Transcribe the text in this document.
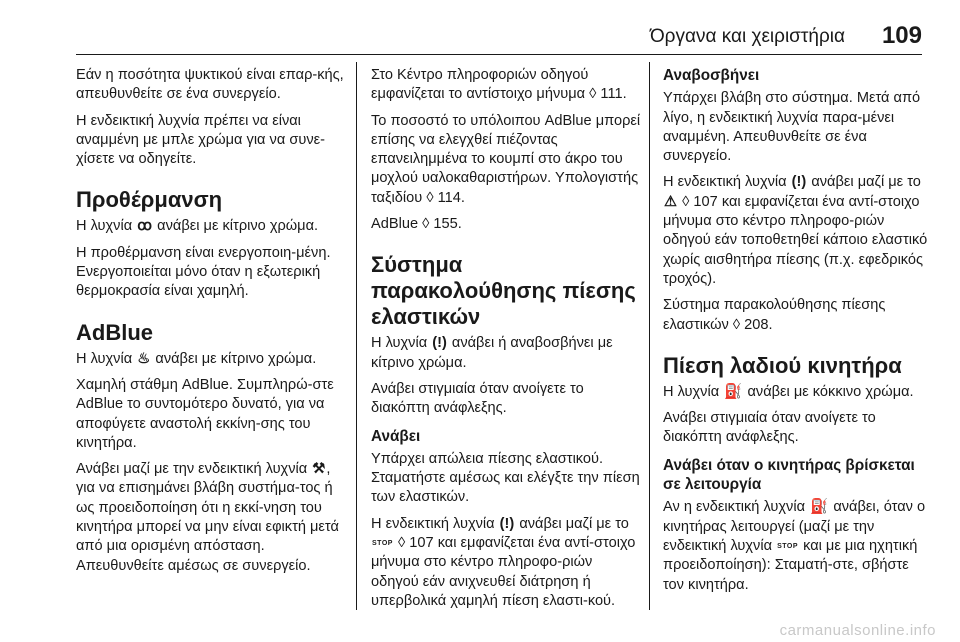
Όργανα και χειριστήρια 109

Εάν η ποσότητα ψυκτικού είναι επαρ-κής, απευθυνθείτε σε ένα συνεργείο.

Η ενδεικτική λυχνία πρέπει να είναι αναμμένη με μπλε χρώμα για να συνε-χίσετε να οδηγείτε.

Προθέρμανση

Η λυχνία ꝏ ανάβει με κίτρινο χρώμα.

Η προθέρμανση είναι ενεργοποιη-μένη. Ενεργοποιείται μόνο όταν η εξωτερική θερμοκρασία είναι χαμηλή.

AdBlue

Η λυχνία ♨ ανάβει με κίτρινο χρώμα.

Χαμηλή στάθμη AdBlue. Συμπληρώ-στε AdBlue το συντομότερο δυνατό, για να αποφύγετε αναστολή εκκίνη-σης του κινητήρα.

Ανάβει μαζί με την ενδεικτική λυχνία ⚒, για να επισημάνει βλάβη συστήμα-τος ή ως προειδοποίηση ότι η εκκί-νηση του κινητήρα μπορεί να μην είναι εφικτή μετά από μια ορισμένη απόσταση. Απευθυνθείτε αμέσως σε συνεργείο.

Στο Κέντρο πληροφοριών οδηγού εμφανίζεται το αντίστοιχο μήνυμα ◊ 111.

Το ποσοστό το υπόλοιπου AdBlue μπορεί επίσης να ελεγχθεί πιέζοντας επανειλημμένα το κουμπί στο άκρο του μοχλού υαλοκαθαριστήρων. Υπολογιστής ταξιδίου ◊ 114.

AdBlue ◊ 155.

Σύστημα παρακολούθησης πίεσης ελαστικών

Η λυχνία (!) ανάβει ή αναβοσβήνει με κίτρινο χρώμα.

Ανάβει στιγμιαία όταν ανοίγετε το διακόπτη ανάφλεξης.

Ανάβει

Υπάρχει απώλεια πίεσης ελαστικού. Σταματήστε αμέσως και ελέγξτε την πίεση των ελαστικών.

Η ενδεικτική λυχνία (!) ανάβει μαζί με το STOP ◊ 107 και εμφανίζεται ένα αντί-στοιχο μήνυμα στο κέντρο πληροφο-ριών οδηγού εάν ανιχνευθεί διάτρηση ή υπερβολικά χαμηλή πίεση ελαστι-κού.

Αναβοσβήνει

Υπάρχει βλάβη στο σύστημα. Μετά από λίγο, η ενδεικτική λυχνία παρα-μένει αναμμένη. Απευθυνθείτε σε ένα συνεργείο.

Η ενδεικτική λυχνία (!) ανάβει μαζί με το ⚠ ◊ 107 και εμφανίζεται ένα αντί-στοιχο μήνυμα στο κέντρο πληροφο-ριών οδηγού εάν τοποθετηθεί κάποιο ελαστικό χωρίς αισθητήρα πίεσης (π.χ. εφεδρικός τροχός).

Σύστημα παρακολούθησης πίεσης ελαστικών ◊ 208.

Πίεση λαδιού κινητήρα

Η λυχνία ⛽ ανάβει με κόκκινο χρώμα.

Ανάβει στιγμιαία όταν ανοίγετε το διακόπτη ανάφλεξης.

Ανάβει όταν ο κινητήρας βρίσκεται σε λειτουργία

Αν η ενδεικτική λυχνία ⛽ ανάβει, όταν ο κινητήρας λειτουργεί (μαζί με την ενδεικτική λυχνία STOP και με μια ηχητική προειδοποίηση): Σταματή-στε, σβήστε τον κινητήρα.

carmanualsonline.info
